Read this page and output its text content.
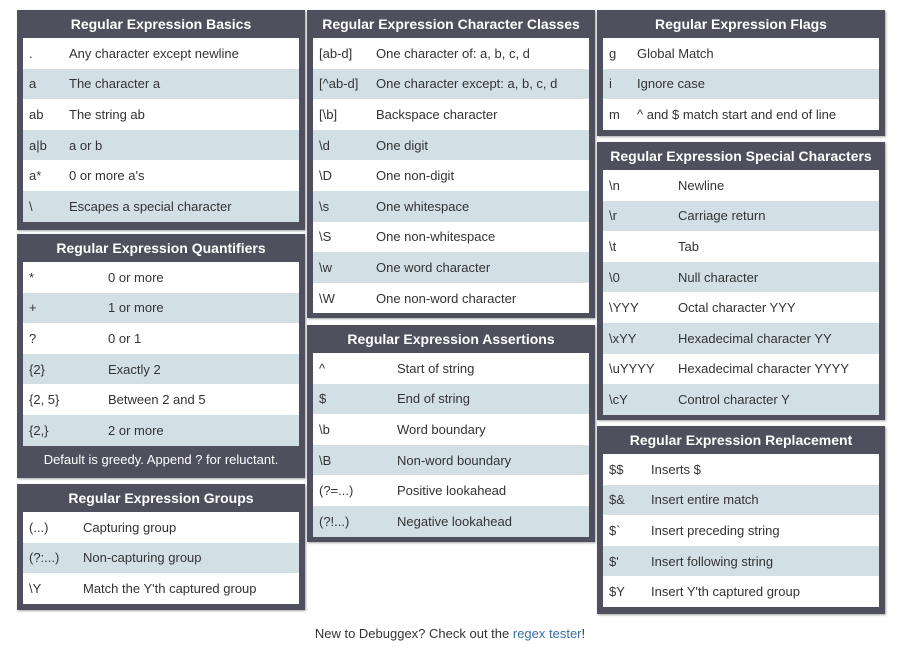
Regular Expression Basics
.	Any character except newline
a	The character a
ab	The string ab
a|b	a or b
a*	0 or more a's
\	Escapes a special character
Regular Expression Quantifiers
*	0 or more
+	1 or more
?	0 or 1
{2}	Exactly 2
{2, 5}	Between 2 and 5
{2,}	2 or more
Default is greedy. Append ? for reluctant.
Regular Expression Groups
(...)	Capturing group
(?:...)	Non-capturing group
\Y	Match the Y'th captured group
Regular Expression Character Classes
[ab-d]	One character of: a, b, c, d
[^ab-d]	One character except: a, b, c, d
[\b]	Backspace character
\d	One digit
\D	One non-digit
\s	One whitespace
\S	One non-whitespace
\w	One word character
\W	One non-word character
Regular Expression Assertions
^	Start of string
$	End of string
\b	Word boundary
\B	Non-word boundary
(?=...)	Positive lookahead
(?!...)	Negative lookahead
Regular Expression Flags
g	Global Match
i	Ignore case
m	^ and $ match start and end of line
Regular Expression Special Characters
\n	Newline
\r	Carriage return
\t	Tab
\0	Null character
\YYY	Octal character YYY
\xYY	Hexadecimal character YY
\uYYYY	Hexadecimal character YYYY
\cY	Control character Y
Regular Expression Replacement
$$	Inserts $
$&	Insert entire match
$`	Insert preceding string
$'	Insert following string
$Y	Insert Y'th captured group
New to Debuggex? Check out the regex tester!
